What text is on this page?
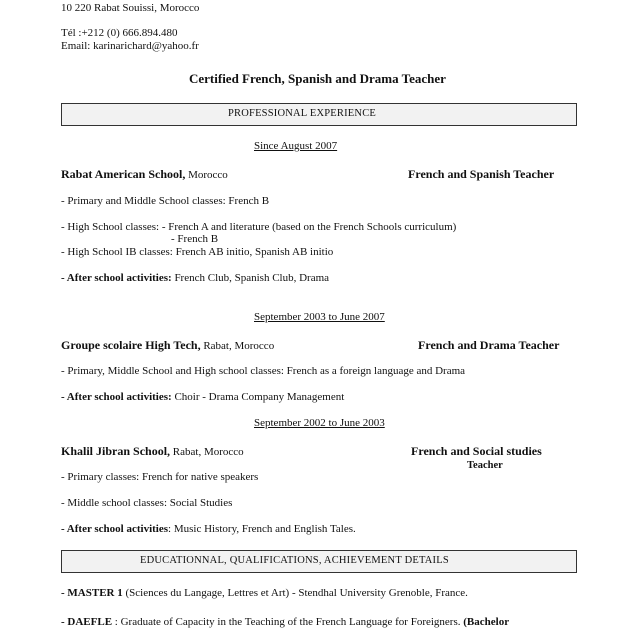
10 220 Rabat Souissi, Morocco
Tél :+212 (0) 666.894.480
Email: karinarichard@yahoo.fr
Certified French, Spanish and Drama Teacher
PROFESSIONAL EXPERIENCE
Since August 2007
Rabat American School, Morocco	French and Spanish Teacher
- Primary and Middle School classes: French B
- High School classes: - French A and literature (based on the French Schools curriculum)
- French B
- High School IB classes: French AB initio, Spanish AB initio
- After school activities: French Club, Spanish Club, Drama
September 2003 to June 2007
Groupe scolaire High Tech, Rabat, Morocco	French and Drama Teacher
- Primary, Middle School and High school classes: French as a foreign language and Drama
- After school activities: Choir - Drama Company Management
September 2002 to June 2003
Khalil Jibran School, Rabat, Morocco	French and Social studies
Teacher
- Primary classes: French for native speakers
- Middle school classes: Social Studies
- After school activities: Music History, French and English Tales.
EDUCATIONNAL, QUALIFICATIONS, ACHIEVEMENT DETAILS
- MASTER 1 (Sciences du Langage, Lettres et Art) - Stendhal University Grenoble, France.
- DAEFLE : Graduate of Capacity in the Teaching of the French Language for Foreigners. (Bachelor
